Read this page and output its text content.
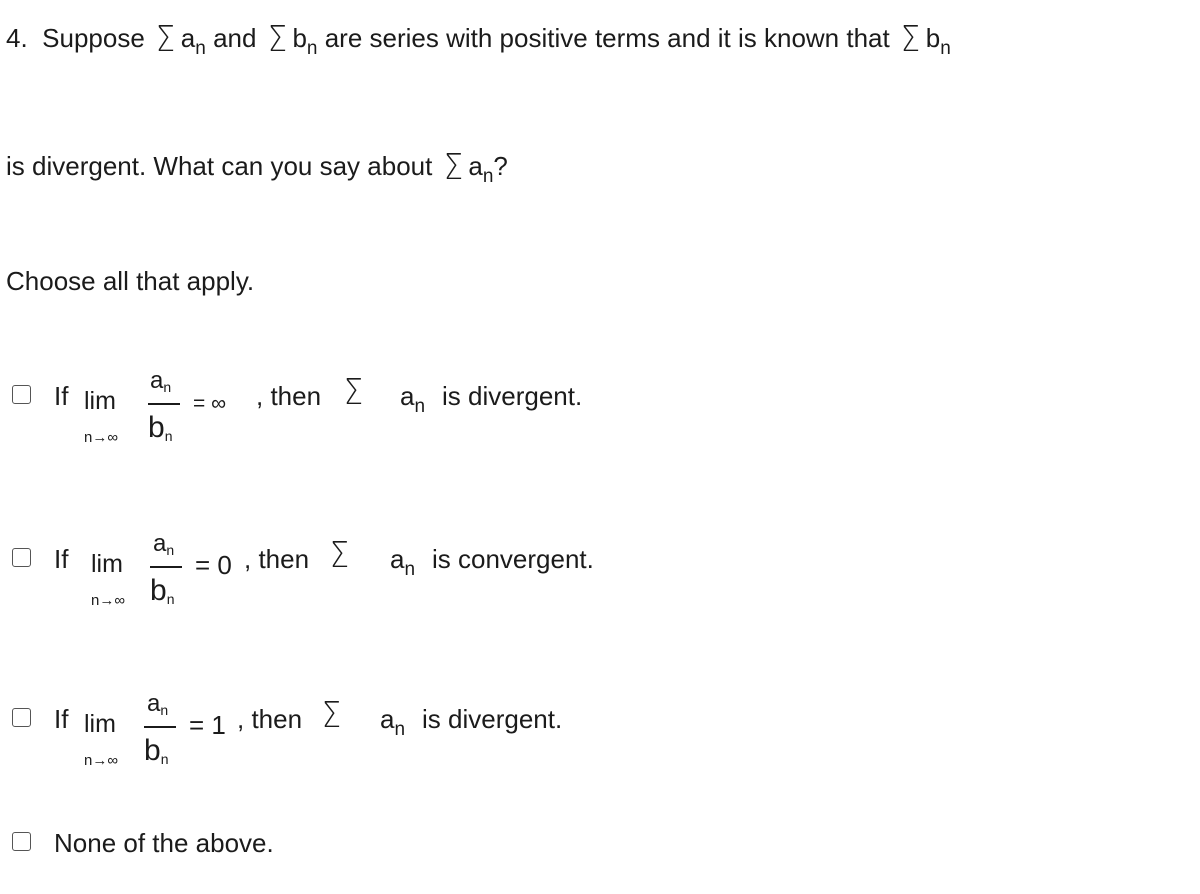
4. Suppose Σ $a_n$ and Σ $b_n$ are series with positive terms and it is known that Σ $b_n$
is divergent. What can you say about Σ $a_n$?
Choose all that apply.
If lim
n→∞
an
bn
= ∞ , then Σ $a_n$ is divergent.
If lim
n→∞
an
bn
= 0 , then Σ $a_n$ is convergent.
If lim
n→∞
an
bn
= 1 , then Σ $a_n$ is divergent.
None of the above.
